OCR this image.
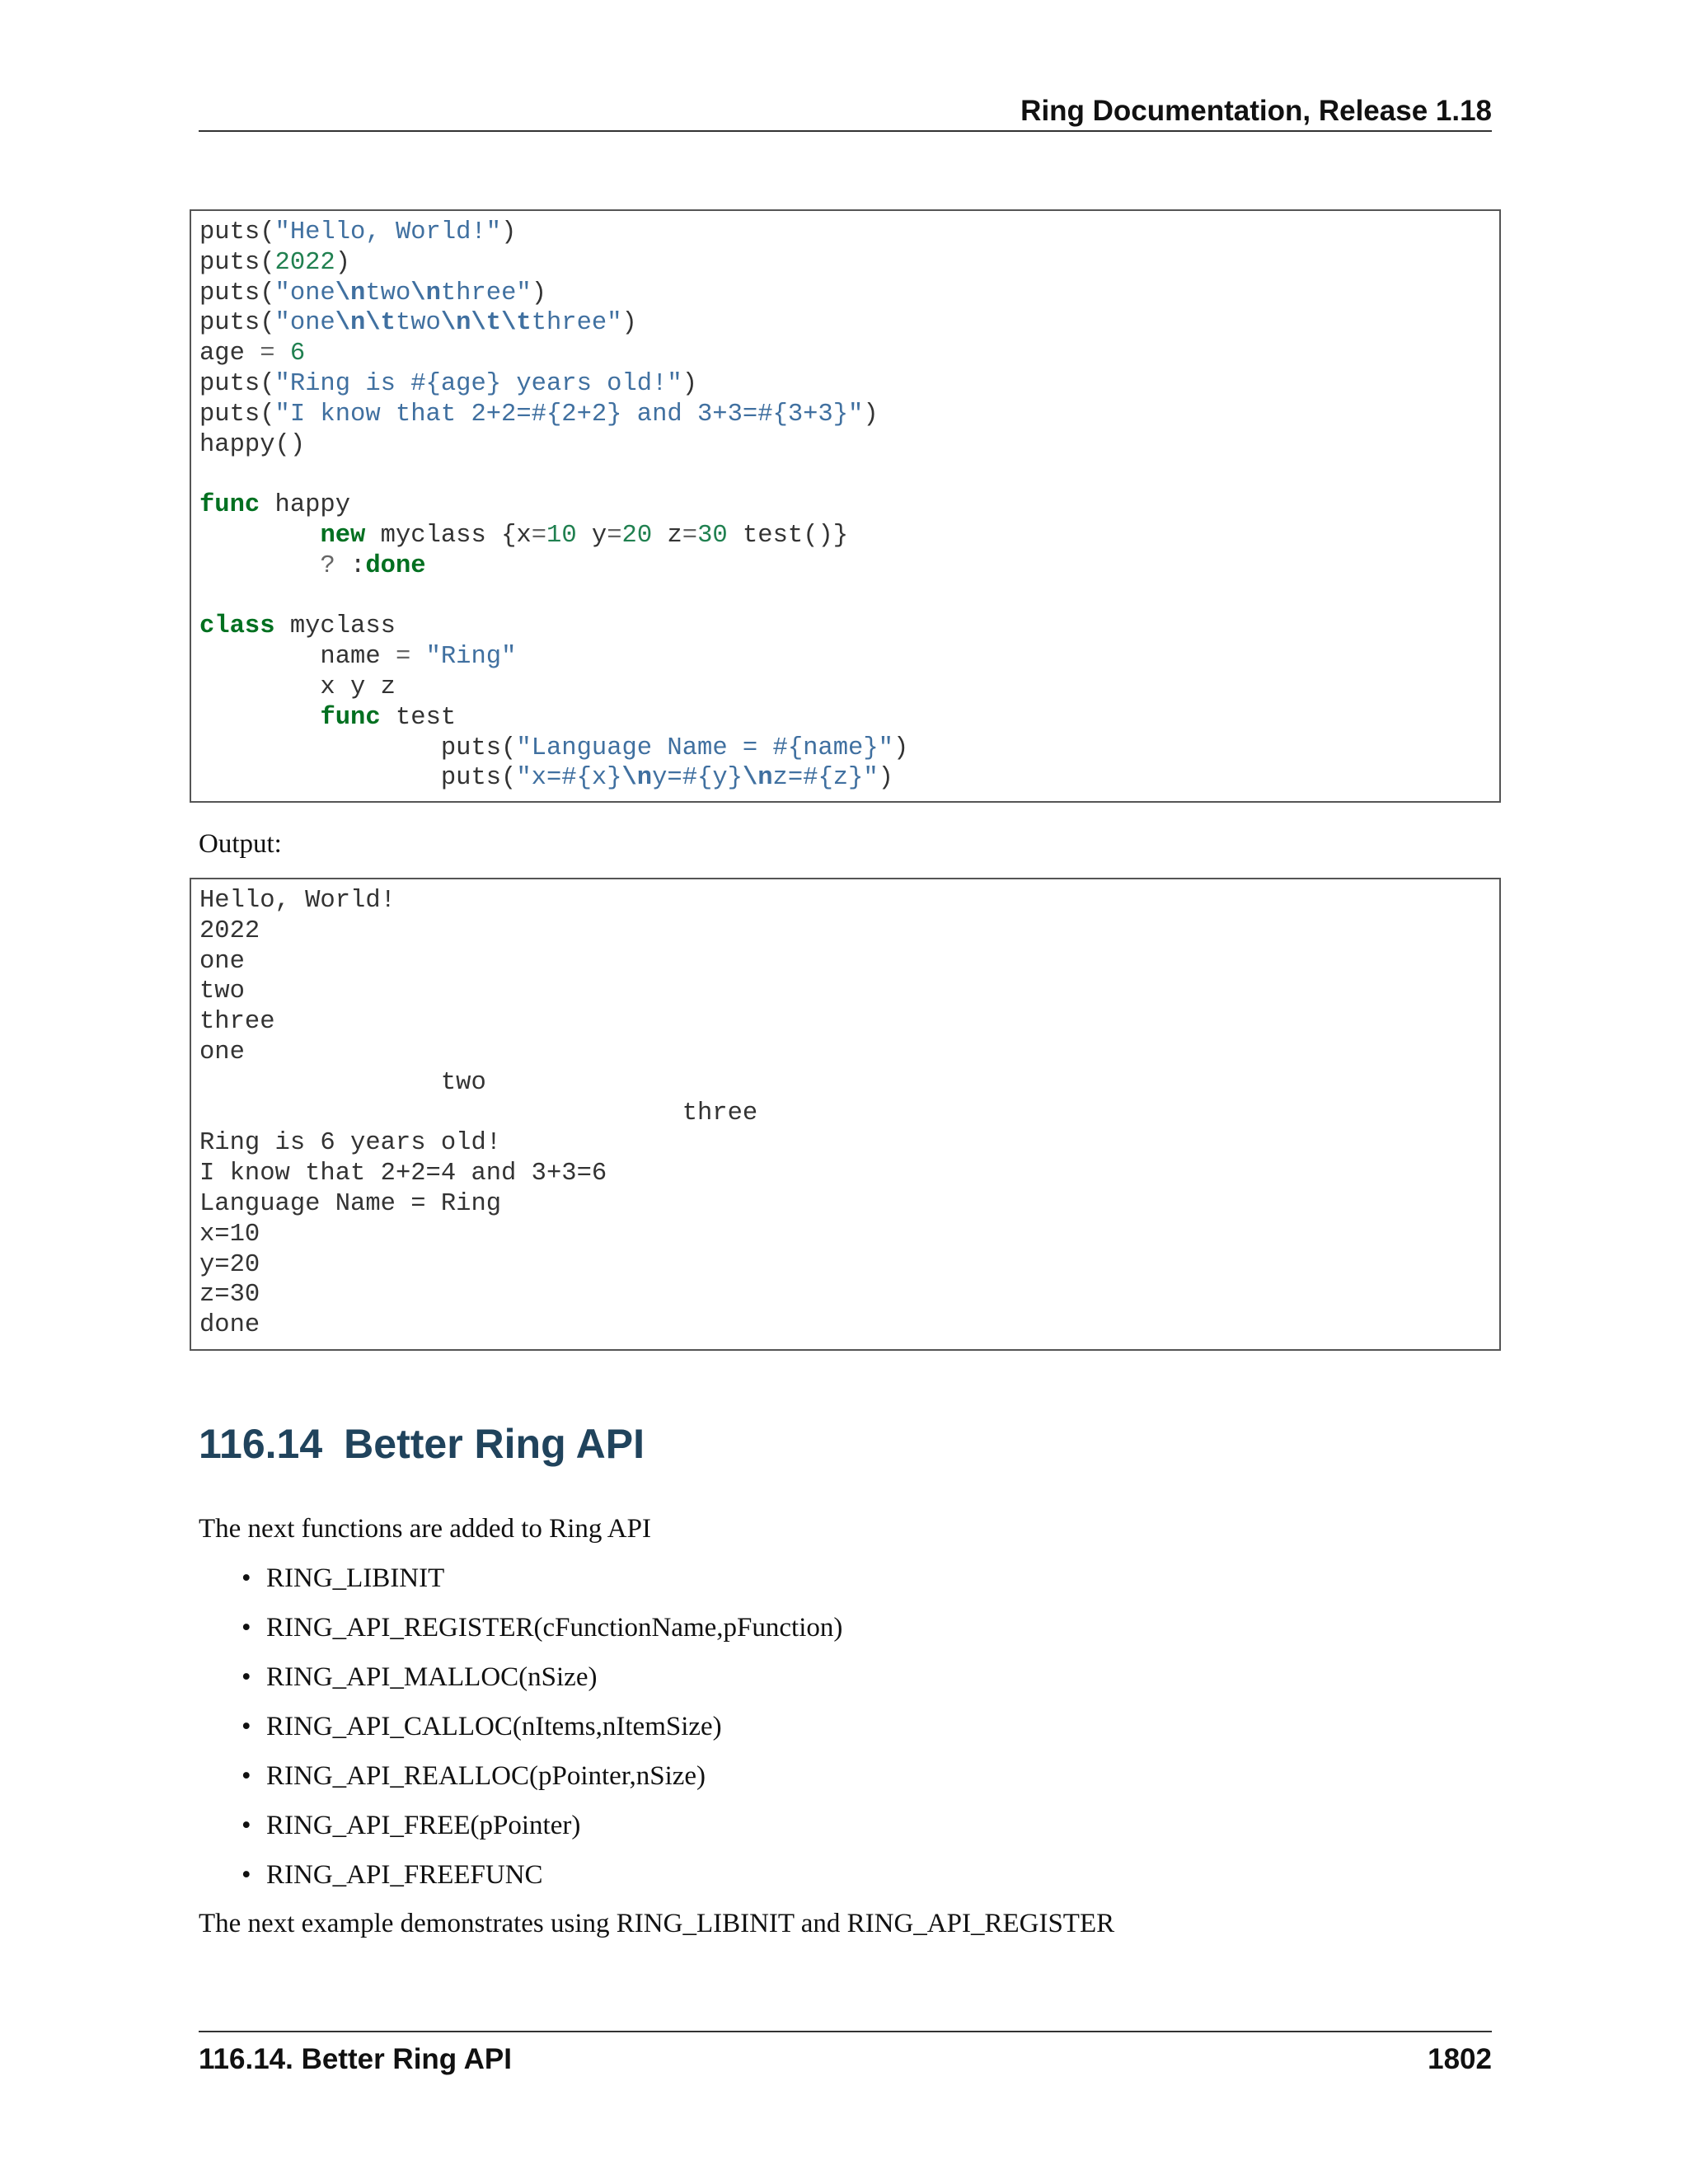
Ring Documentation, Release 1.18
puts("Hello, World!")
puts(2022)
puts("one\ntwo\nthree")
puts("one\n\ttwo\n\t\tthree")
age = 6
puts("Ring is #{age} years old!")
puts("I know that 2+2=#{2+2} and 3+3=#{3+3}")
happy()

func happy
new myclass {x=10 y=20 z=30 test()}
? :done

class myclass
name = "Ring"
x y z
func test
puts("Language Name = #{name}")
puts("x=#{x}\ny=#{y}\nz=#{z}")

Output:
Hello, World!
2022
one
two
three
one
two
three
Ring is 6 years old!
I know that 2+2=4 and 3+3=6
Language Name = Ring
x=10
y=20
z=30
done

116.14 Better Ring API

The next functions are added to Ring API

• RING_LIBINIT
• RING_API_REGISTER(cFunctionName,pFunction)
• RING_API_MALLOC(nSize)
• RING_API_CALLOC(nItems,nItemSize)
• RING_API_REALLOC(pPointer,nSize)
• RING_API_FREE(pPointer)
• RING_API_FREEFUNC

The next example demonstrates using RING_LIBINIT and RING_API_REGISTER

116.14. Better Ring API	1802
